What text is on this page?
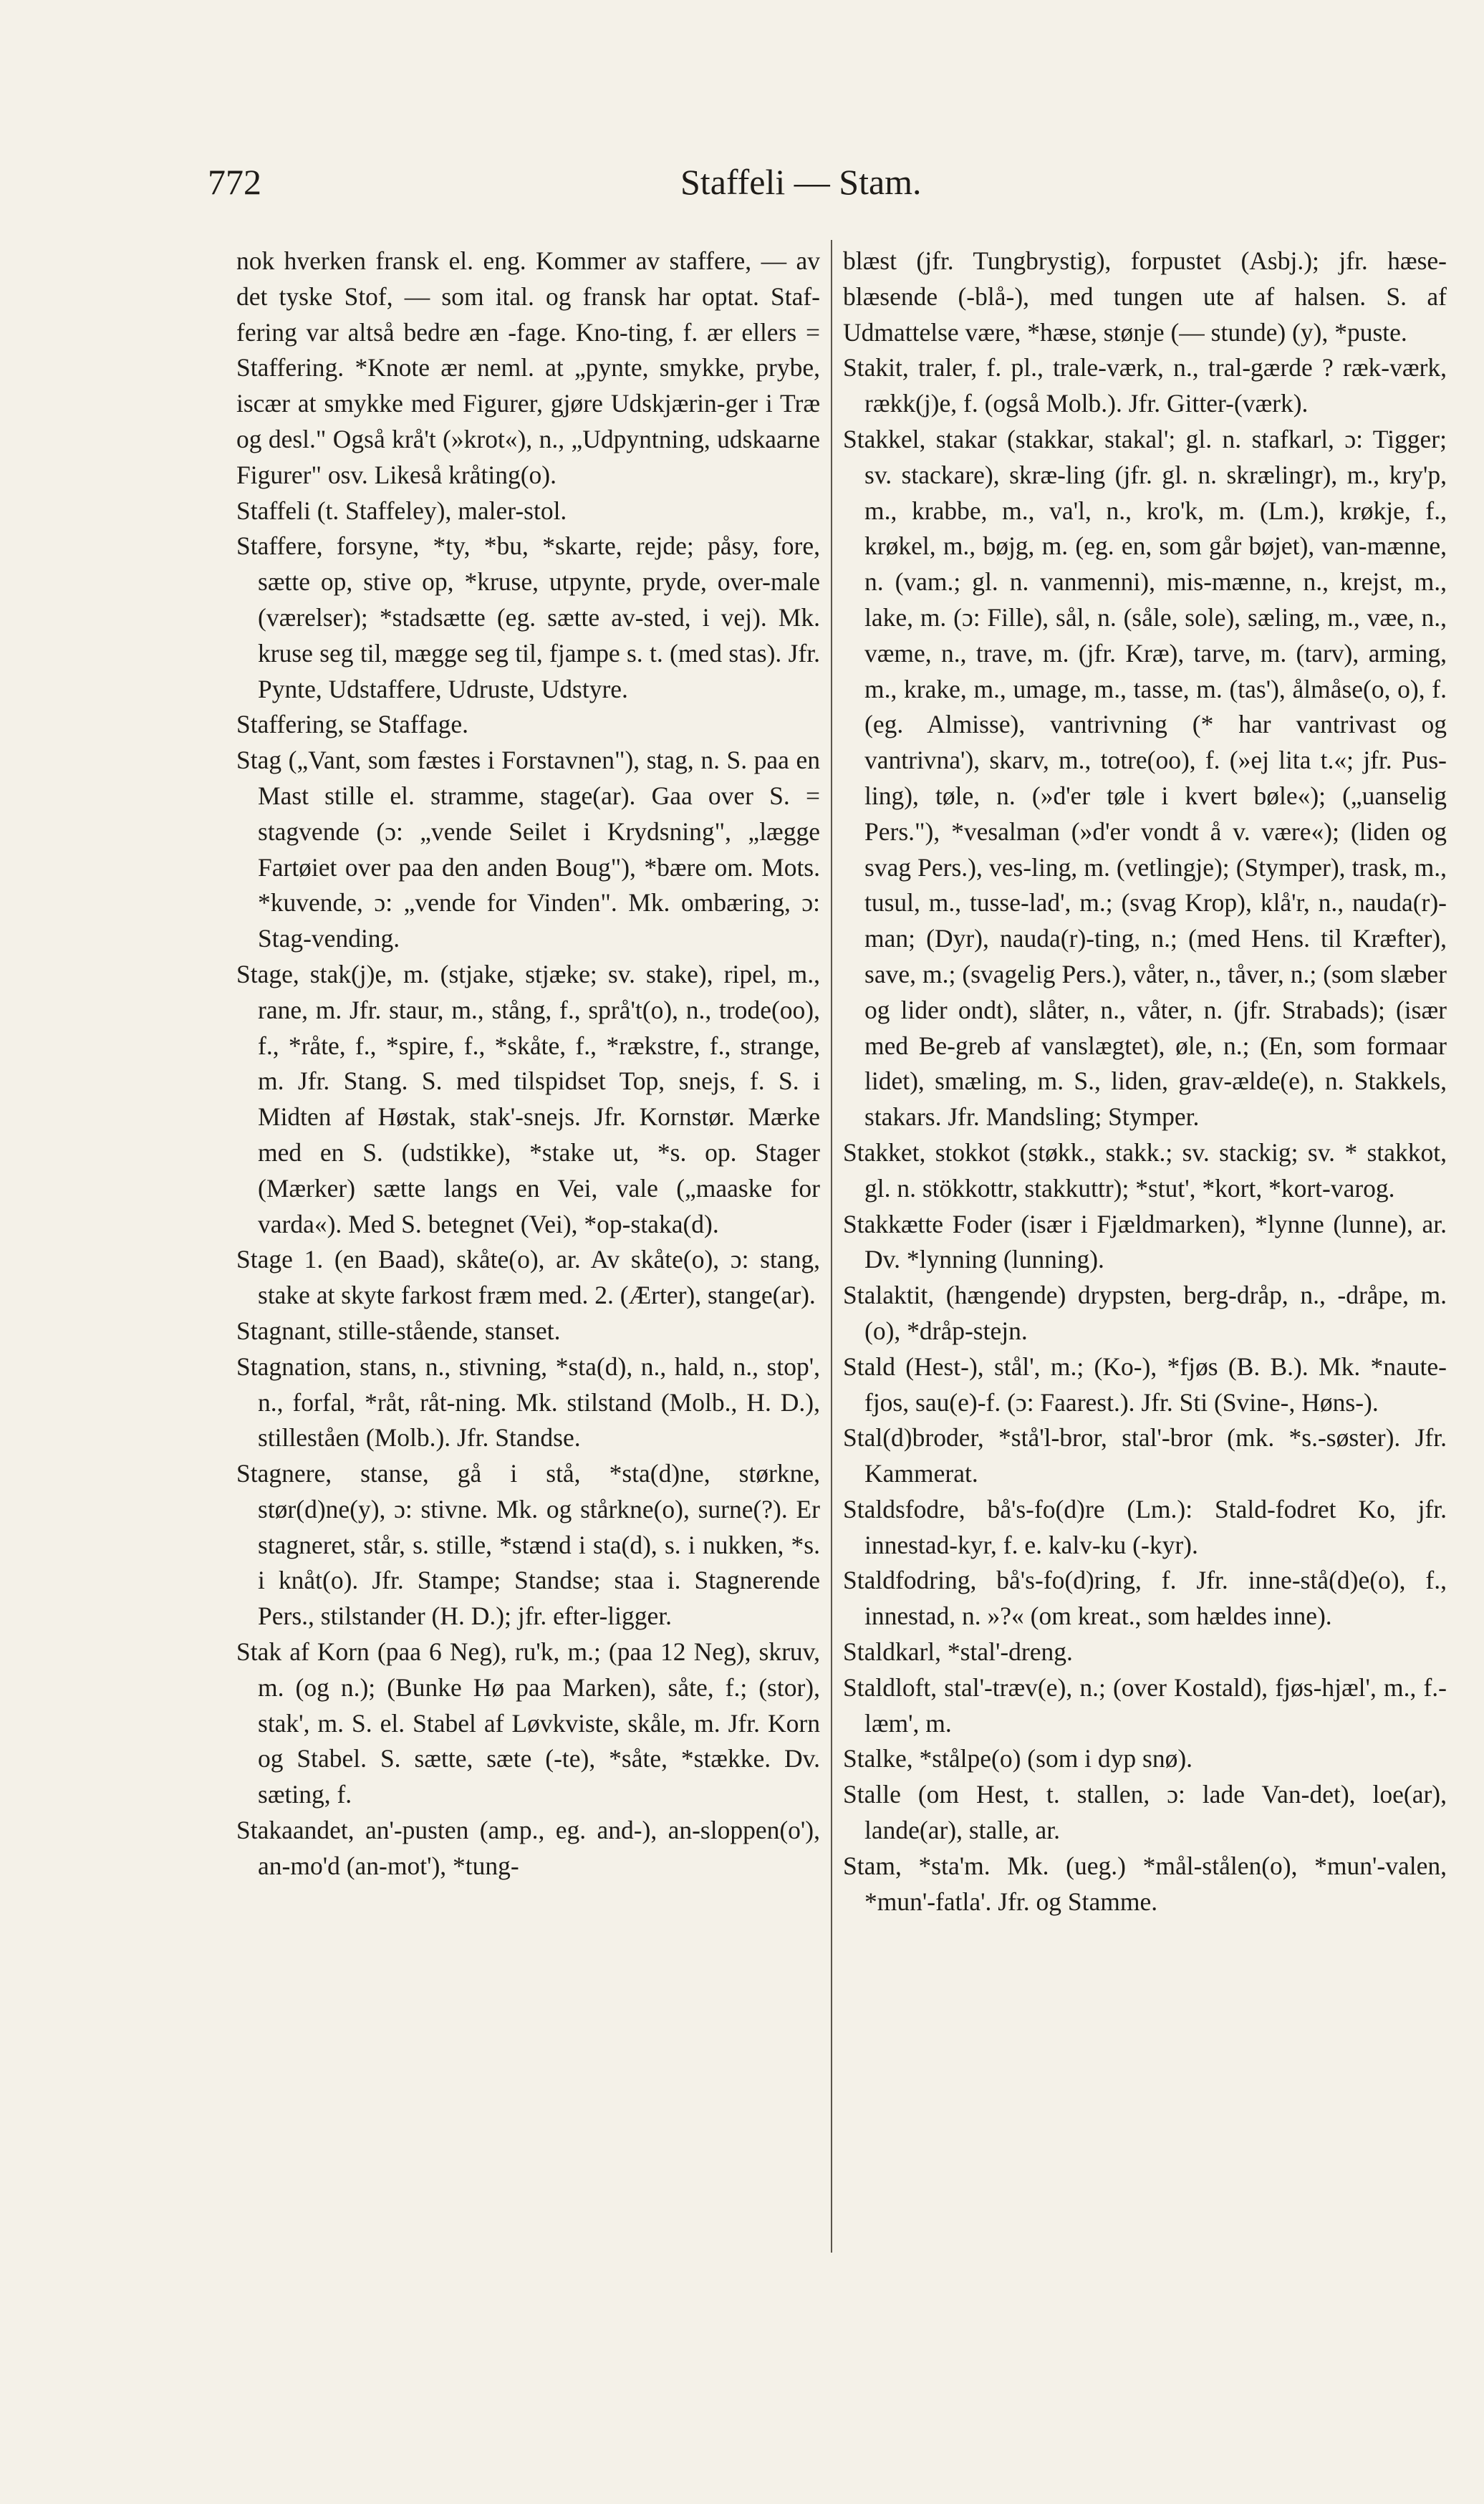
772	Staffeli — Stam.

nok hverken fransk el. eng. Kommer av staffere, — av det tyske Stof, — som ital. og fransk har optat. Staf-fering var altså bedre æn -fage. Kno-ting, f. ær ellers = Staffering. *Knote ær neml. at „pynte, smykke, prybe, iscær at smykke med Figurer, gjøre Udskjærin-ger i Træ og desl." Også krå't (»krot«), n., „Udpyntning, udskaarne Figurer" osv. Likeså kråting(o).

Staffeli (t. Staffeley), maler-stol.

Staffere, forsyne, *ty, *bu, *skarte, rejde; påsy, fore, sætte op, stive op, *kruse, utpynte, pryde, over-male (værelser); *stadsætte (eg. sætte av-sted, i vej). Mk. kruse seg til, mægge seg til, fjampe s. t. (med stas). Jfr. Pynte, Udstaffere, Udruste, Udstyre.

Staffering, se Staffage.

Stag („Vant, som fæstes i Forstavnen"), stag, n. S. paa en Mast stille el. stramme, stage(ar). Gaa over S. = stagvende (ɔ: „vende Seilet i Krydsning", „lægge Fartøiet over paa den anden Boug"), *bære om. Mots. *kuvende, ɔ: „vende for Vinden". Mk. ombæring, ɔ: Stag-vending.

Stage, stak(j)e, m. (stjake, stjæke; sv. stake), ripel, m., rane, m. Jfr. staur, m., stång, f., språ't(o), n., trode(oo), f., *råte, f., *spire, f., *skåte, f., *rækstre, f., strange, m. Jfr. Stang. S. med tilspidset Top, snejs, f. S. i Midten af Høstak, stak'-snejs. Jfr. Kornstør. Mærke med en S. (udstikke), *stake ut, *s. op. Stager (Mærker) sætte langs en Vei, vale („maaske for varda«). Med S. betegnet (Vei), *op-staka(d).

Stage 1. (en Baad), skåte(o), ar. Av skåte(o), ɔ: stang, stake at skyte farkost fræm med. 2. (Ærter), stange(ar).

Stagnant, stille-stående, stanset.

Stagnation, stans, n., stivning, *sta(d), n., hald, n., stop', n., forfal, *råt, råt-ning. Mk. stilstand (Molb., H. D.), stilleståen (Molb.). Jfr. Standse.

Stagnere, stanse, gå i stå, *sta(d)ne, størkne, stør(d)ne(y), ɔ: stivne. Mk. og stårkne(o), surne(?). Er stagneret, står, s. stille, *stænd i sta(d), s. i nukken, *s. i knåt(o). Jfr. Stampe; Standse; staa i. Stagnerende Pers., stilstander (H. D.); jfr. efter-ligger.

Stak af Korn (paa 6 Neg), ru'k, m.; (paa 12 Neg), skruv, m. (og n.); (Bunke Hø paa Marken), såte, f.; (stor), stak', m. S. el. Stabel af Løvkviste, skåle, m. Jfr. Korn og Stabel. S. sætte, sæte (-te), *såte, *stække. Dv. sæting, f.

Stakaandet, an'-pusten (amp., eg. and-), an-sloppen(o'), an-mo'd (an-mot'), *tung-

blæst (jfr. Tungbrystig), forpustet (Asbj.); jfr. hæse-blæsende (-blå-), med tungen ute af halsen. S. af Udmattelse være, *hæse, stønje (— stunde) (y), *puste.

Stakit, traler, f. pl., trale-værk, n., tral-gærde ? ræk-værk, rækk(j)e, f. (også Molb.). Jfr. Gitter-(værk).

Stakkel, stakar (stakkar, stakal'; gl. n. stafkarl, ɔ: Tigger; sv. stackare), skræ-ling (jfr. gl. n. skrælingr), m., kry'p, m., krabbe, m., va'l, n., kro'k, m. (Lm.), krøkje, f., krøkel, m., bøjg, m. (eg. en, som går bøjet), van-mænne, n. (vam.; gl. n. vanmenni), mis-mænne, n., krejst, m., lake, m. (ɔ: Fille), sål, n. (såle, sole), sæling, m., væe, n., væme, n., trave, m. (jfr. Kræ), tarve, m. (tarv), arming, m., krake, m., umage, m., tasse, m. (tas'), ålmåse(o, o), f. (eg. Almisse), vantrivning (* har vantrivast og vantrivna'), skarv, m., totre(oo), f. (»ej lita t.«; jfr. Pus-ling), tøle, n. (»d'er tøle i kvert bøle«); („uanselig Pers."), *vesalman (»d'er vondt å v. være«); (liden og svag Pers.), ves-ling, m. (vetlingje); (Stymper), trask, m., tusul, m., tusse-lad', m.; (svag Krop), klå'r, n., nauda(r)-man; (Dyr), nauda(r)-ting, n.; (med Hens. til Kræfter), save, m.; (svagelig Pers.), våter, n., tåver, n.; (som slæber og lider ondt), slåter, n., våter, n. (jfr. Strabads); (især med Be-greb af vanslægtet), øle, n.; (En, som formaar lidet), smæling, m. S., liden, grav-ælde(e), n. Stakkels, stakars. Jfr. Mandsling; Stymper.

Stakket, stokkot (støkk., stakk.; sv. stackig; sv. * stakkot, gl. n. stökkottr, stakkuttr); *stut', *kort, *kort-varog.

Stakkætte Foder (især i Fjældmarken), *lynne (lunne), ar. Dv. *lynning (lunning).

Stalaktit, (hængende) drypsten, berg-dråp, n., -dråpe, m. (o), *dråp-stejn.

Stald (Hest-), stål', m.; (Ko-), *fjøs (B. B.). Mk. *naute-fjos, sau(e)-f. (ɔ: Faarest.). Jfr. Sti (Svine-, Høns-).

Stal(d)broder, *stå'l-bror, stal'-bror (mk. *s.-søster). Jfr. Kammerat.

Staldsfodre, bå's-fo(d)re (Lm.): Stald-fodret Ko, jfr. innestad-kyr, f. e. kalv-ku (-kyr).

Staldfodring, bå's-fo(d)ring, f. Jfr. inne-stå(d)e(o), f., innestad, n. »?« (om kreat., som hældes inne).

Staldkarl, *stal'-dreng.

Staldloft, stal'-træv(e), n.; (over Kostald), fjøs-hjæl', m., f.-læm', m.

Stalke, *stålpe(o) (som i dyp snø).

Stalle (om Hest, t. stallen, ɔ: lade Van-det), loe(ar), lande(ar), stalle, ar.

Stam, *sta'm. Mk. (ueg.) *mål-stålen(o), *mun'-valen, *mun'-fatla'. Jfr. og Stamme.
